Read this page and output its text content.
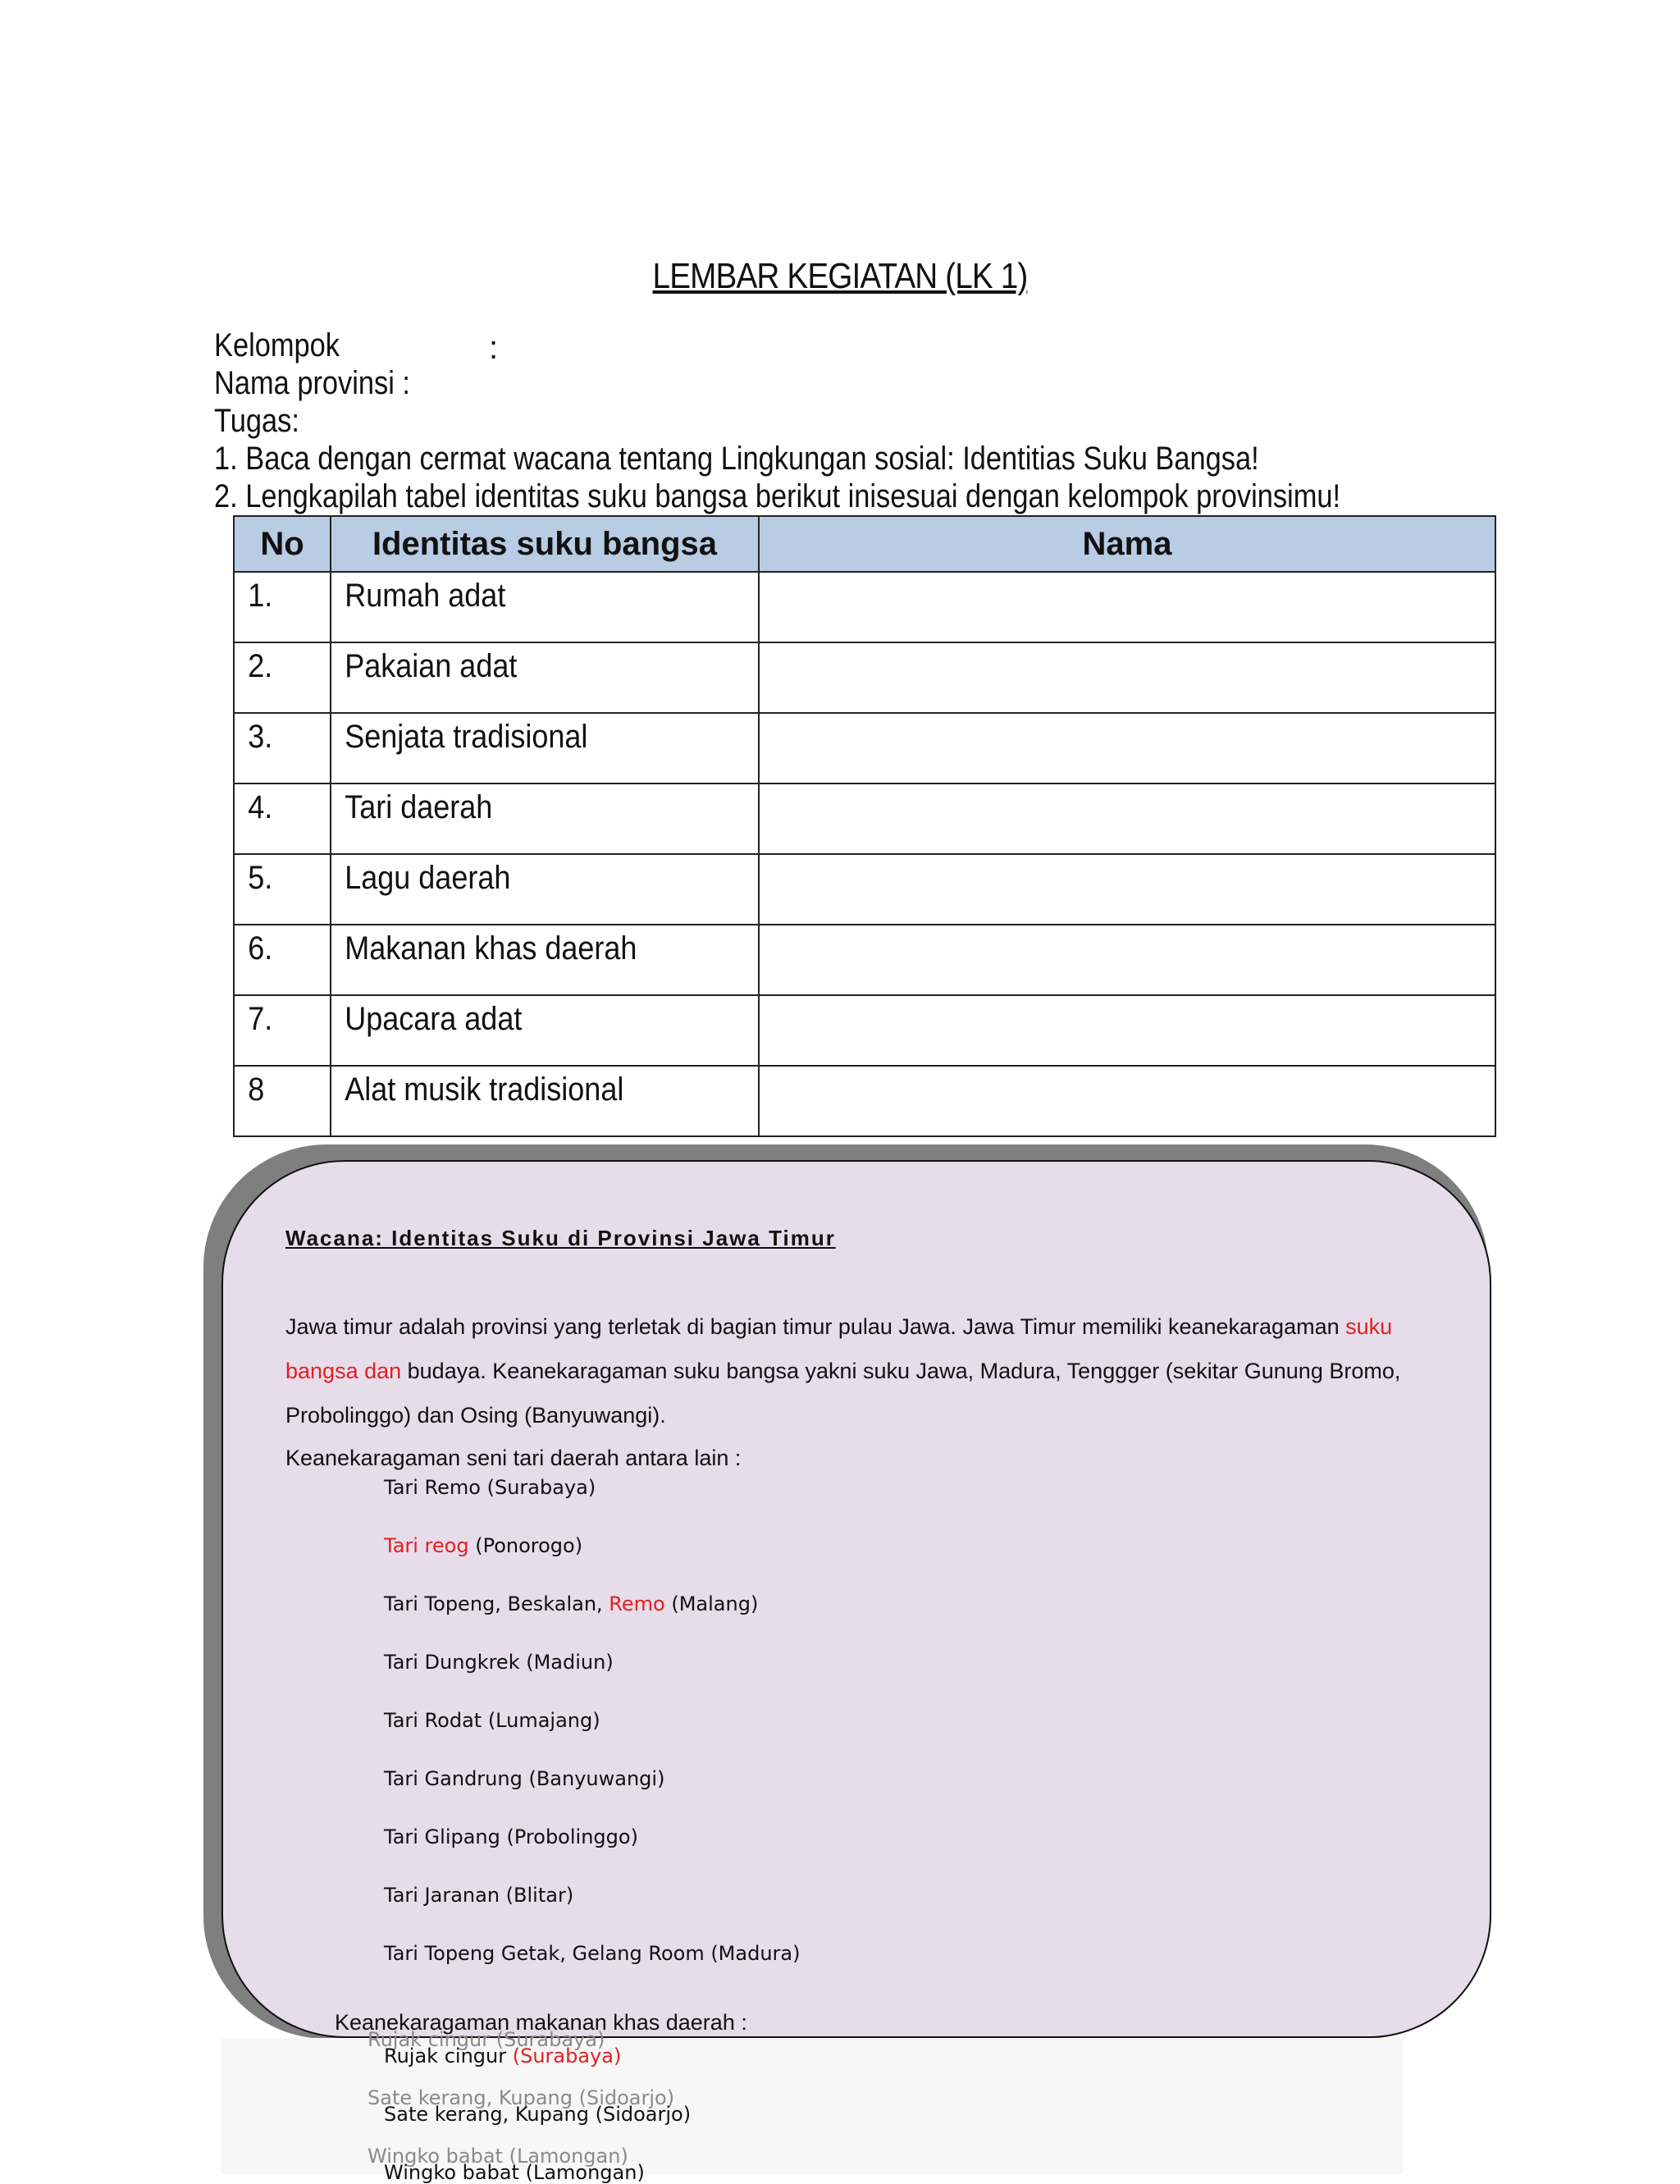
LEMBAR KEGIATAN (LK 1)
Kelompok	:
Nama provinsi :
Tugas:
1. Baca dengan cermat wacana tentang Lingkungan sosial: Identitias Suku Bangsa!
2. Lengkapilah tabel identitas suku bangsa berikut inisesuai dengan kelompok provinsimu!
No	Identitas suku bangsa	Nama

1.	Rumah adat	

2.	Pakaian adat	

3.	Senjata tradisional	

4.	Tari daerah	

5.	Lagu daerah	

6.	Makanan khas daerah	

7.	Upacara adat	

8	Alat musik tradisional	

Wacana: Identitas Suku di Provinsi Jawa Timur
Jawa timur adalah provinsi yang terletak di bagian timur pulau Jawa. Jawa Timur memiliki keanekaragaman suku
bangsa dan budaya. Keanekaragaman suku bangsa yakni suku Jawa, Madura, Tenggger (sekitar Gunung Bromo,
Probolinggo) dan Osing (Banyuwangi).
Keanekaragaman seni tari daerah antara lain :
Tari Remo (Surabaya)
Tari reog (Ponorogo)
Tari Topeng, Beskalan, Remo (Malang)
Tari Dungkrek (Madiun)
Tari Rodat (Lumajang)
Tari Gandrung (Banyuwangi)
Tari Glipang (Probolinggo)
Tari Jaranan (Blitar)
Tari Topeng Getak, Gelang Room (Madura)
Keanekaragaman makanan khas daerah :
Rujak cingur (Surabaya)
Rujak cingur (Surabaya)
Sate kerang, Kupang (Sidoarjo)
Sate kerang, Kupang (Sidoarjo)
Wingko babat (Lamongan)
Wingko babat (Lamongan)
